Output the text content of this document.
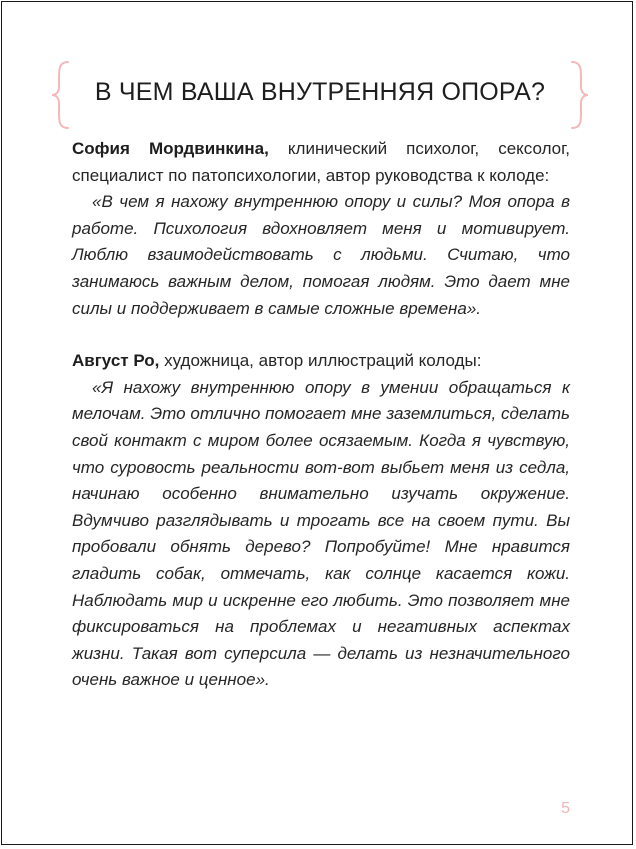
В ЧЕМ ВАША ВНУТРЕННЯЯ ОПОРА?

София Мордвинкина, клинический психолог, сексолог, специалист по патопсихологии, автор руководства к колоде:

«В чем я нахожу внутреннюю опору и силы? Моя опора в работе. Психология вдохновляет меня и мотивирует. Люблю взаимодействовать с людьми. Считаю, что занимаюсь важным делом, помогая людям. Это дает мне силы и поддерживает в самые сложные времена».

Август Ро, художница, автор иллюстраций колоды:

«Я нахожу внутреннюю опору в умении обращаться к мелочам. Это отлично помогает мне заземлиться, сделать свой контакт с миром более осязаемым. Когда я чувствую, что суровость реальности вот-вот выбьет меня из седла, начинаю особенно внимательно изучать окружение. Вдумчиво разглядывать и трогать все на своем пути. Вы пробовали обнять дерево? Попробуйте! Мне нравится гладить собак, отмечать, как солнце касается кожи. Наблюдать мир и искренне его любить. Это позволяет мне фиксироваться на проблемах и негативных аспектах жизни. Такая вот суперсила — делать из незначительного очень важное и ценное».

5
